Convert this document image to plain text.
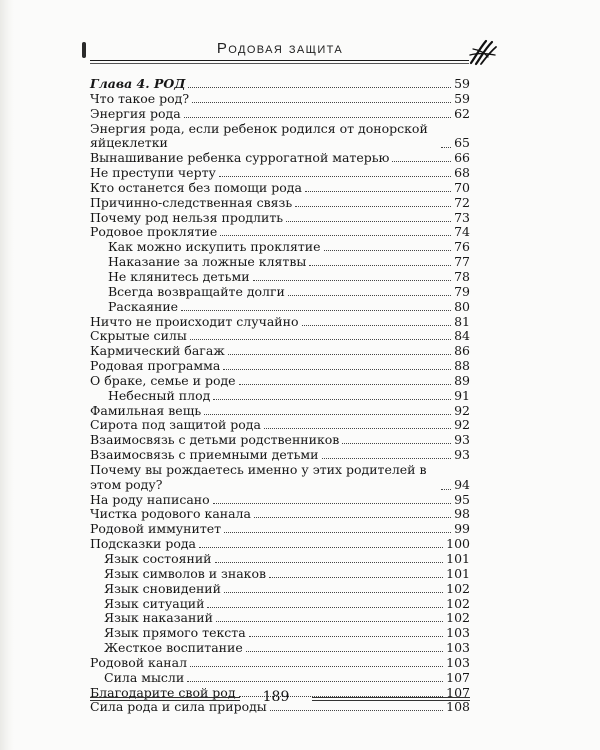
Родовая защита
Глава 4. РОД	59
Что такое род?	59
Энергия рода	62
Энергия рода, если ребенок родился от донорской яйцеклетки	65
Вынашивание ребенка суррогатной матерью	66
Не преступи черту	68
Кто останется без помощи рода	70
Причинно-следственная связь	72
Почему род нельзя продлить	73
Родовое проклятие	74
Как можно искупить проклятие	76
Наказание за ложные клятвы	77
Не клянитесь детьми	78
Всегда возвращайте долги	79
Раскаяние	80
Ничто не происходит случайно	81
Скрытые силы	84
Кармический багаж	86
Родовая программа	88
О браке, семье и роде	89
Небесный плод	91
Фамильная вещь	92
Сирота под защитой рода	92
Взаимосвязь с детьми родственников	93
Взаимосвязь с приемными детьми	93
Почему вы рождаетесь именно у этих родителей в этом роду?	94
На роду написано	95
Чистка родового канала	98
Родовой иммунитет	99
Подсказки рода	100
Язык состояний	101
Язык символов и знаков	101
Язык сновидений	102
Язык ситуаций	102
Язык наказаний	102
Язык прямого текста	103
Жесткое воспитание	103
Родовой канал	103
Сила мысли	107
Благодарите свой род	107
Сила рода и сила природы	108
189
